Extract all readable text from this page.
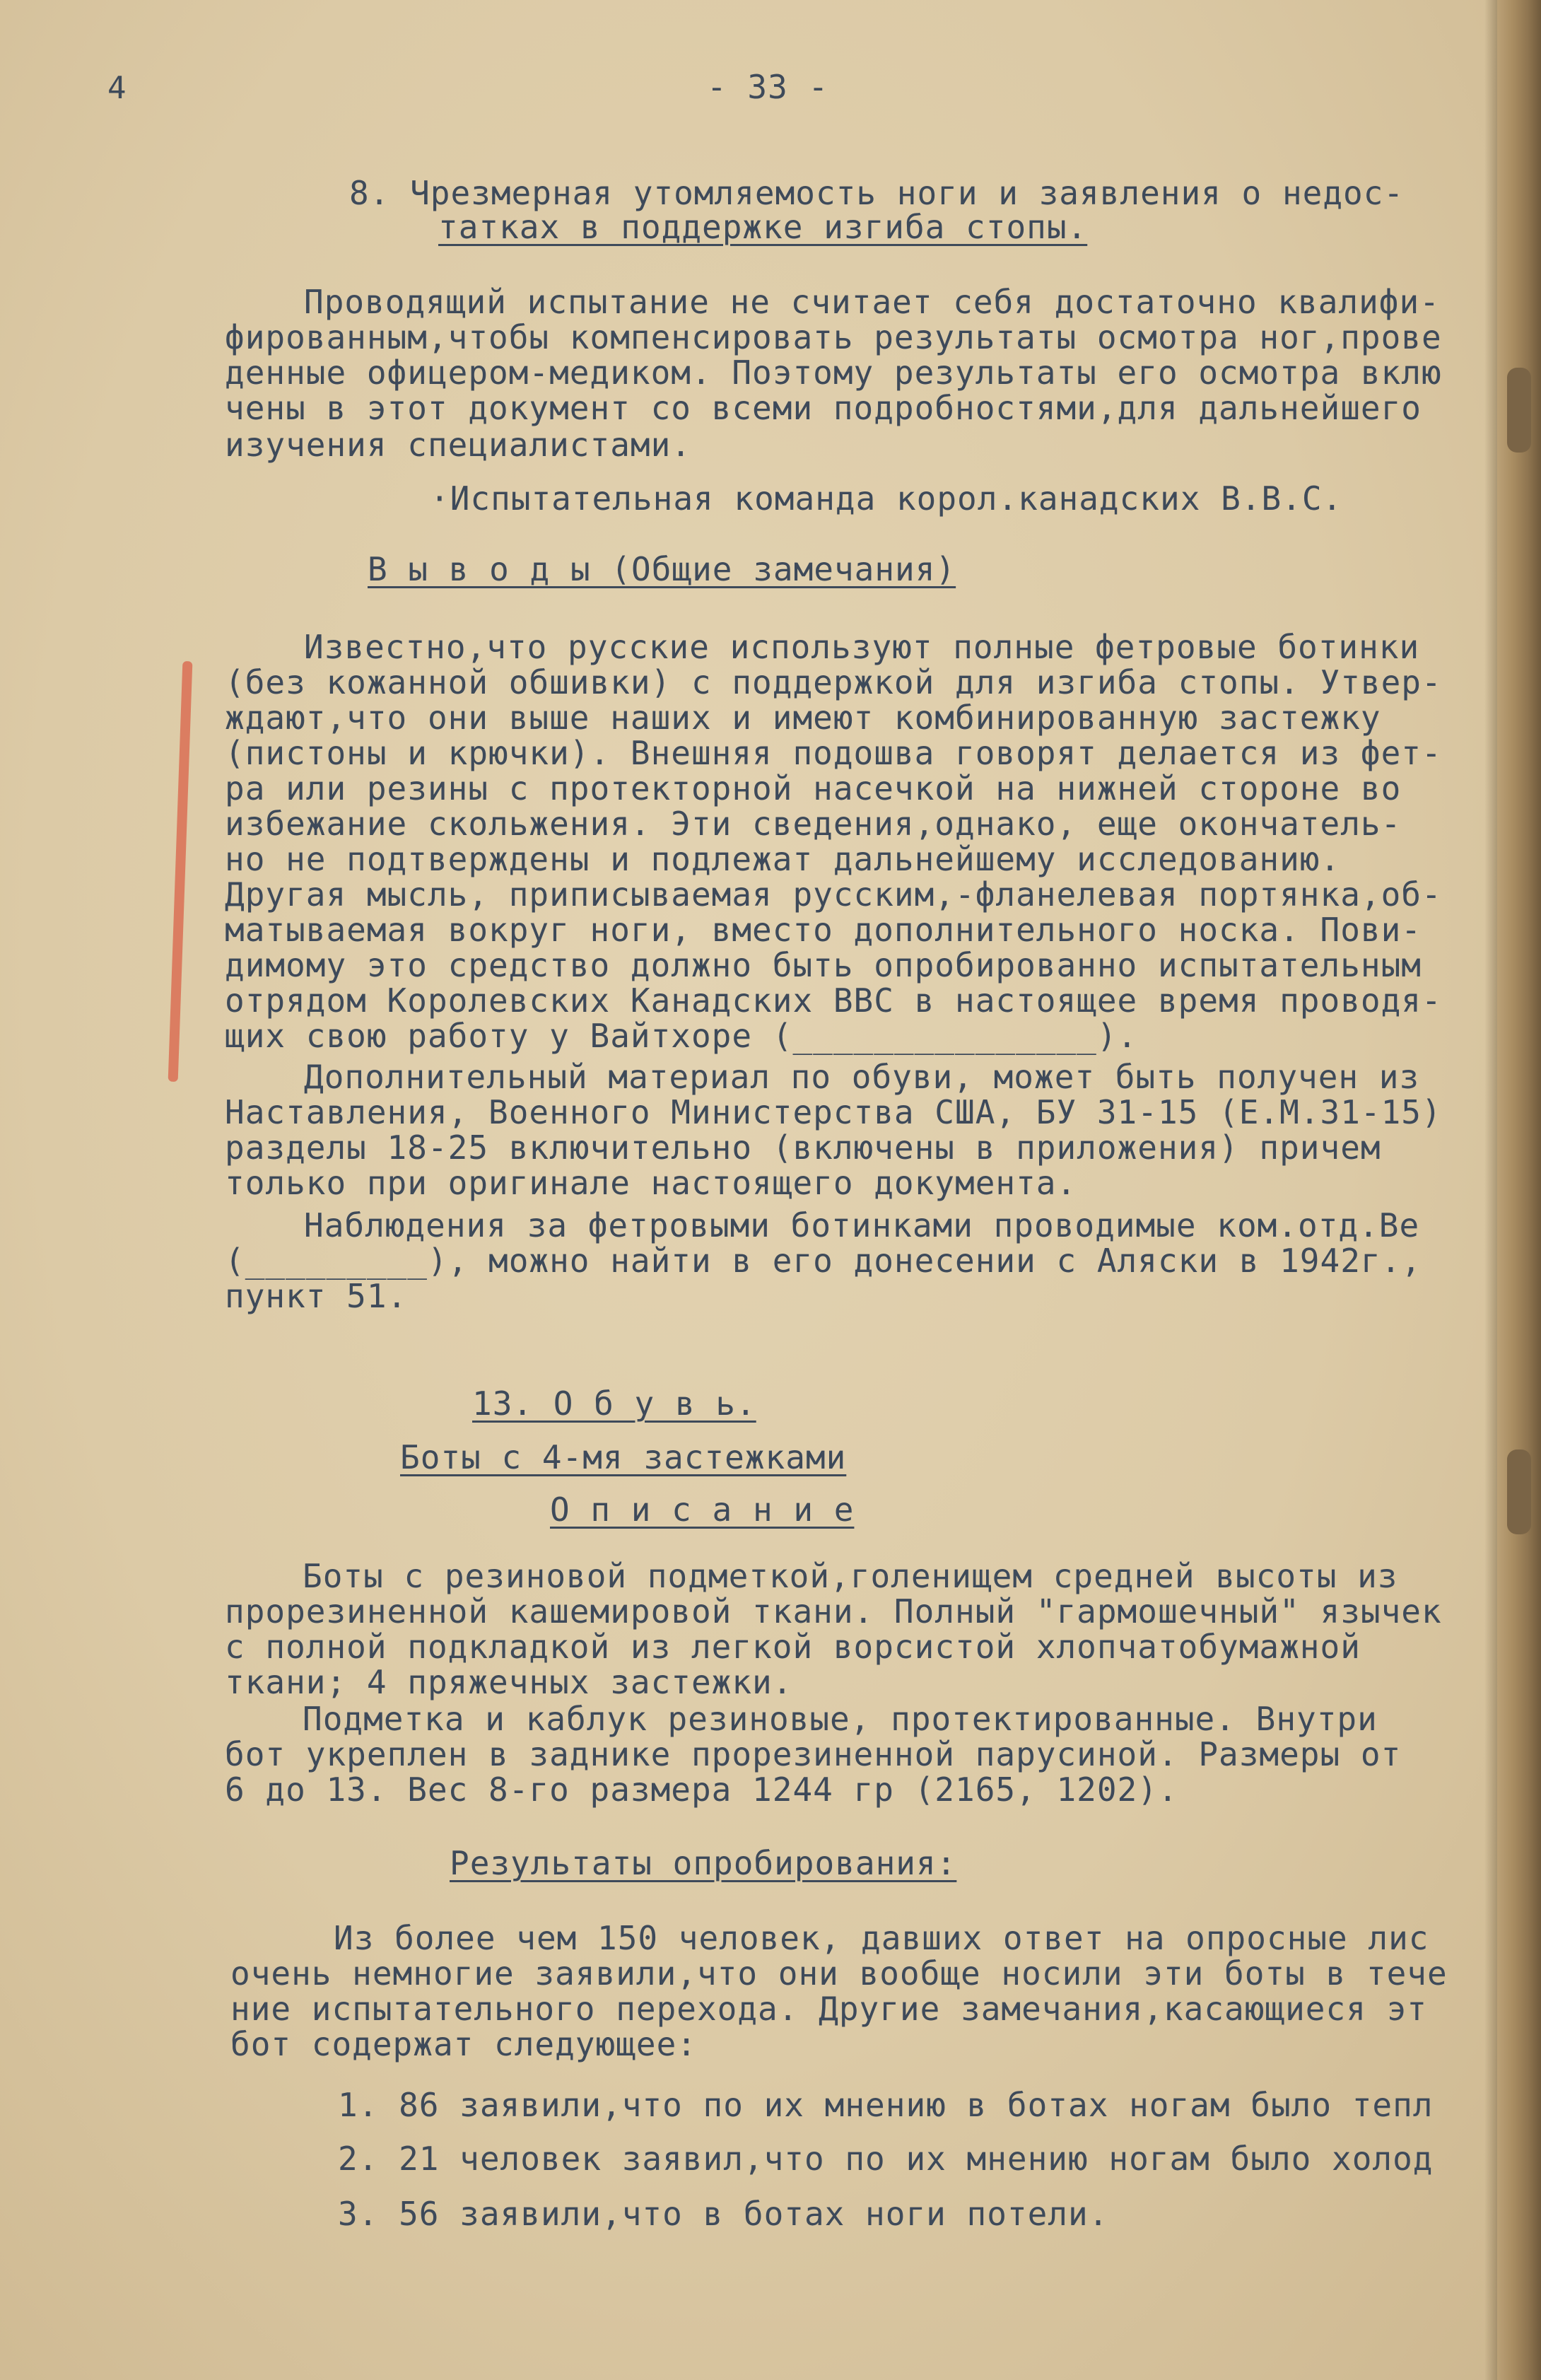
4	- 33 -
8. Чрезмерная утомляемость ноги и заявления о недос-
татках в поддержке изгиба стопы.
Проводящий испытание не считает себя достаточно квалифи-
фированным,чтобы компенсировать результаты осмотра ног,прове
денные офицером-медиком. Поэтому результаты его осмотра вклю
чены в этот документ со всеми подробностями,для дальнейшего
изучения специалистами.
·Испытательная команда корол.канадских В.В.С.
В ы в о д ы (Общие замечания)
Известно,что русские используют полные фетровые ботинки
(без кожанной обшивки) с поддержкой для изгиба стопы. Утвер-
ждают,что они выше наших и имеют комбинированную застежку
(пистоны и крючки). Внешняя подошва говорят делается из фет-
ра или резины с протекторной насечкой на нижней стороне во
избежание скольжения. Эти сведения,однако, еще окончатель-
но не подтверждены и подлежат дальнейшему исследованию.
Другая мысль, приписываемая русским,-фланелевая портянка,об-
матываемая вокруг ноги, вместо дополнительного носка. Пови-
димому это средство должно быть опробированно испытательным
отрядом Королевских Канадских ВВС в настоящее время проводя-
щих свою работу у Вайтхоре (_______________).
Дополнительный материал по обуви, может быть получен из
Наставления, Военного Министерства США, БУ 31-15 (Е.М.31-15)
разделы 18-25 включительно (включены в приложения) причем
только при оригинале настоящего документа.
Наблюдения за фетровыми ботинками проводимые ком.отд.Ве
(_________), можно найти в его донесении с Аляски в 1942г.,
пункт 51.
13. О б у в ь.
Боты с 4-мя застежками
О п и с а н и е
Боты с резиновой подметкой,голенищем средней высоты из
прорезиненной кашемировой ткани. Полный "гармошечный" язычек
с полной подкладкой из легкой ворсистой хлопчатобумажной
ткани; 4 пряжечных застежки.
Подметка и каблук резиновые, протектированные. Внутри
бот укреплен в заднике прорезиненной парусиной. Размеры от
6 до 13. Вес 8-го размера 1244 гр (2165, 1202).
Результаты опробирования:
Из более чем 150 человек, давших ответ на опросные лис
очень немногие заявили,что они вообще носили эти боты в тече
ние испытательного перехода. Другие замечания,касающиеся эт
бот содержат следующее:
1. 86 заявили,что по их мнению в ботах ногам было тепл
2. 21 человек заявил,что по их мнению ногам было холод
3. 56 заявили,что в ботах ноги потели.
